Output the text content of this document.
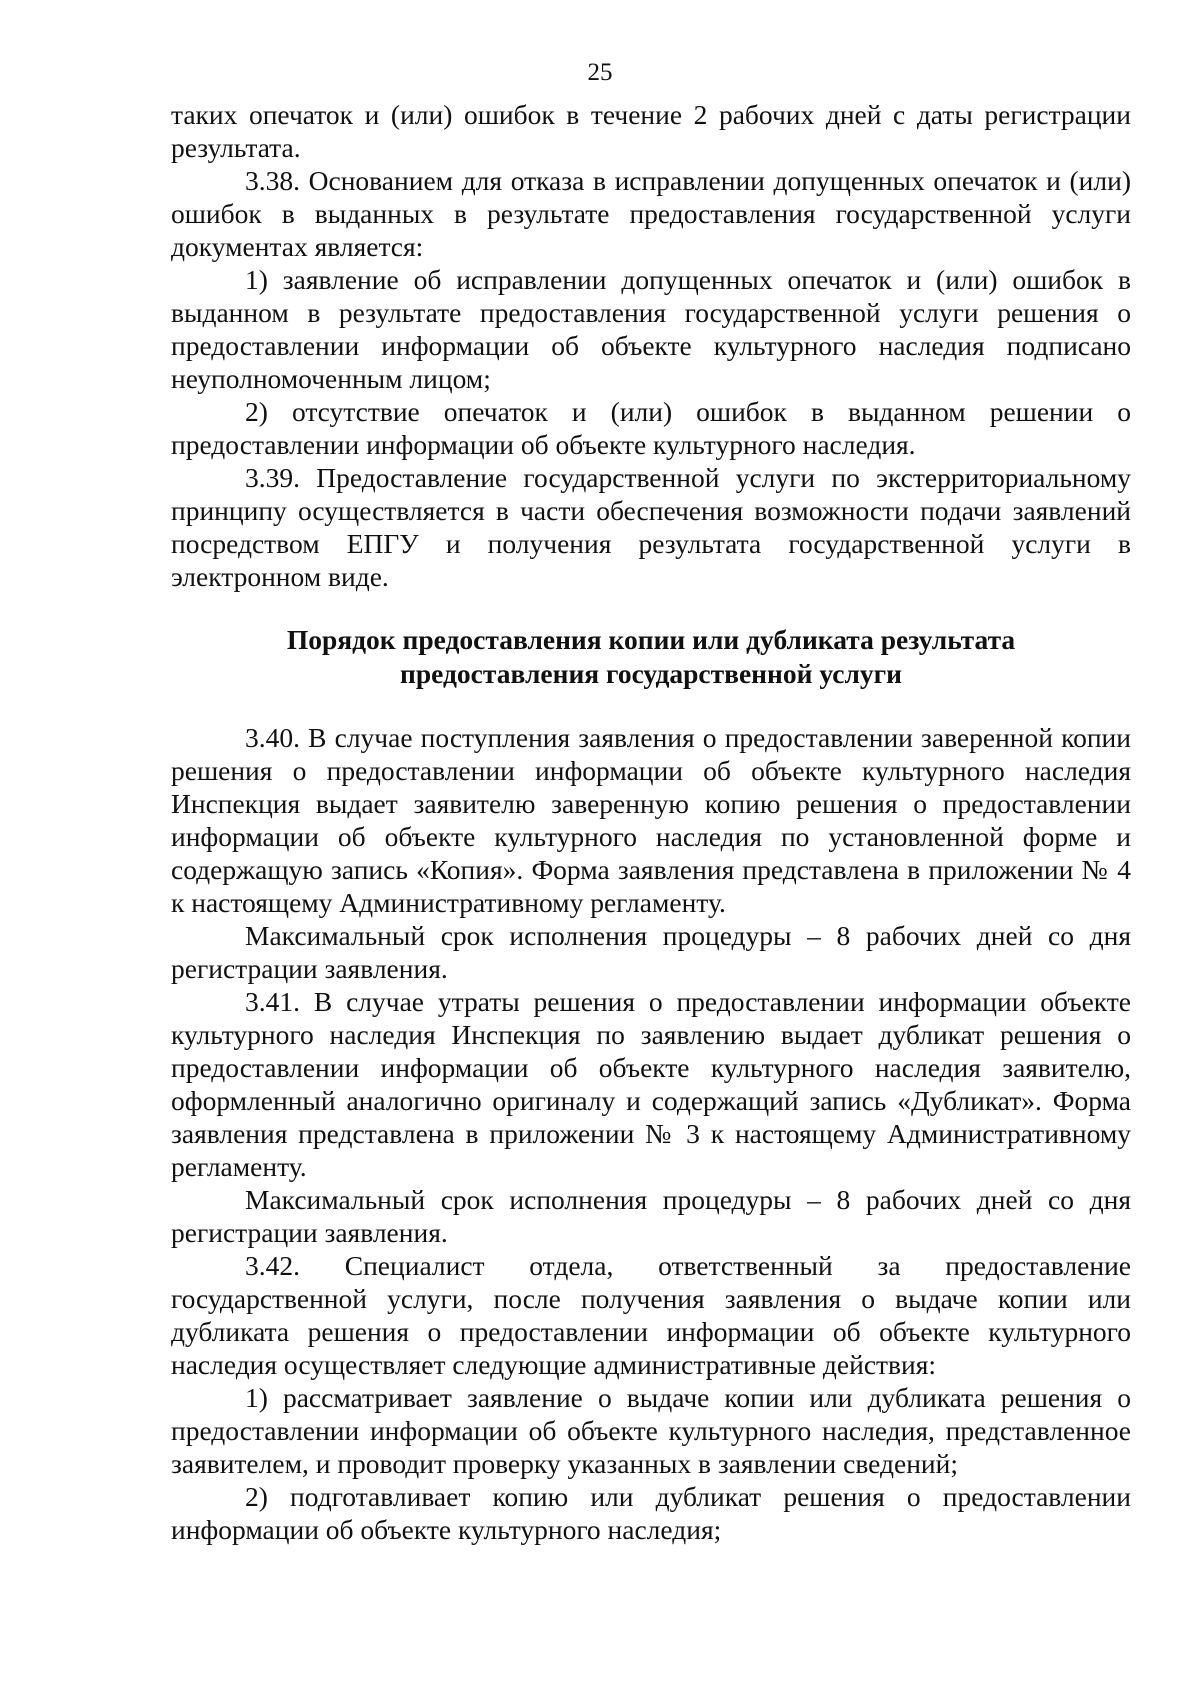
25

таких опечаток и (или) ошибок в течение 2 рабочих дней с даты регистрации результата.

3.38. Основанием для отказа в исправлении допущенных опечаток и (или) ошибок в выданных в результате предоставления государственной услуги документах является:

1) заявление об исправлении допущенных опечаток и (или) ошибок в выданном в результате предоставления государственной услуги решения о предоставлении информации об объекте культурного наследия подписано неуполномоченным лицом;

2) отсутствие опечаток и (или) ошибок в выданном решении о предоставлении информации об объекте культурного наследия.

3.39. Предоставление государственной услуги по экстерриториальному принципу осуществляется в части обеспечения возможности подачи заявлений посредством ЕПГУ и получения результата государственной услуги в электронном виде.

Порядок предоставления копии или дубликата результата
предоставления государственной услуги

3.40. В случае поступления заявления о предоставлении заверенной копии решения о предоставлении информации об объекте культурного наследия Инспекция выдает заявителю заверенную копию решения о предоставлении информации об объекте культурного наследия по установленной форме и содержащую запись «Копия». Форма заявления представлена в приложении № 4 к настоящему Административному регламенту.

Максимальный срок исполнения процедуры – 8 рабочих дней со дня регистрации заявления.

3.41. В случае утраты решения о предоставлении информации объекте культурного наследия Инспекция по заявлению выдает дубликат решения о предоставлении информации об объекте культурного наследия заявителю, оформленный аналогично оригиналу и содержащий запись «Дубликат». Форма заявления представлена в приложении № 3 к настоящему Административному регламенту.

Максимальный срок исполнения процедуры – 8 рабочих дней со дня регистрации заявления.

3.42. Специалист отдела, ответственный за предоставление государственной услуги, после получения заявления о выдаче копии или дубликата решения о предоставлении информации об объекте культурного наследия осуществляет следующие административные действия:

1) рассматривает заявление о выдаче копии или дубликата решения о предоставлении информации об объекте культурного наследия, представленное заявителем, и проводит проверку указанных в заявлении сведений;

2) подготавливает копию или дубликат решения о предоставлении информации об объекте культурного наследия;
